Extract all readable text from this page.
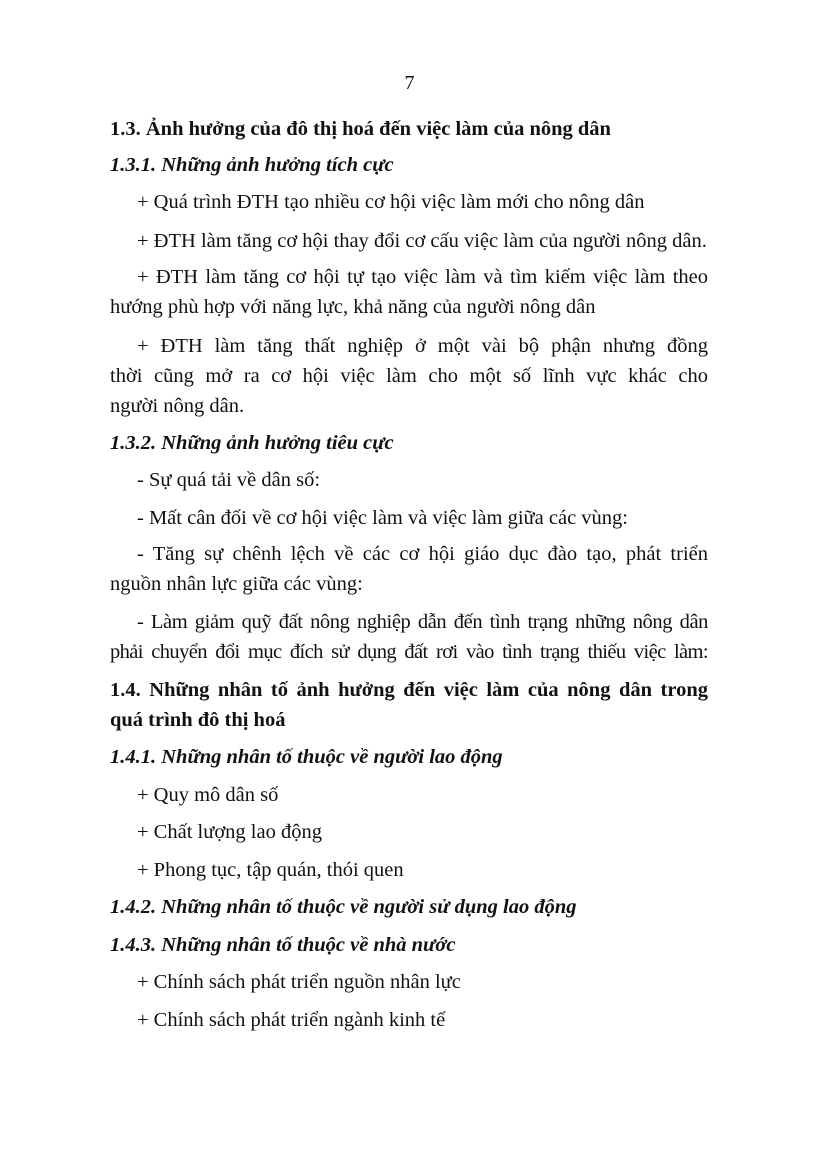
7
1.3. Ảnh hưởng của đô thị hoá đến việc làm của nông dân
1.3.1. Những ảnh hưởng tích cực
+ Quá trình ĐTH tạo nhiều cơ hội việc làm mới cho nông dân
+ ĐTH làm tăng cơ hội thay đổi cơ cấu việc làm của người nông dân.
+ ĐTH làm tăng cơ hội tự tạo việc làm và tìm kiếm việc làm theo
hướng phù hợp với năng lực, khả năng của người nông dân
+ ĐTH làm tăng thất nghiệp ở một vài bộ phận nhưng đồng
thời cũng mở ra cơ hội việc làm cho một số lĩnh vực khác cho
người nông dân.
1.3.2. Những ảnh hưởng tiêu cực
- Sự quá tải về dân số:
- Mất cân đối về cơ hội việc làm và việc làm giữa các vùng:
- Tăng sự chênh lệch về các cơ hội giáo dục đào tạo, phát triển
nguồn nhân lực giữa các vùng:
- Làm giảm quỹ đất nông nghiệp dẫn đến tình trạng những nông dân
phải chuyển đổi mục đích sử dụng đất rơi vào tình trạng thiếu việc làm:
1.4. Những nhân tố ảnh hưởng đến việc làm của nông dân trong
quá trình đô thị hoá
1.4.1. Những nhân tố thuộc về người lao động
+ Quy mô dân số
+ Chất lượng lao động
+ Phong tục, tập quán, thói quen
1.4.2. Những nhân tố thuộc về người sử dụng lao động
1.4.3. Những nhân tố thuộc về nhà nước
+ Chính sách phát triển nguồn nhân lực
+ Chính sách phát triển ngành kinh tế
